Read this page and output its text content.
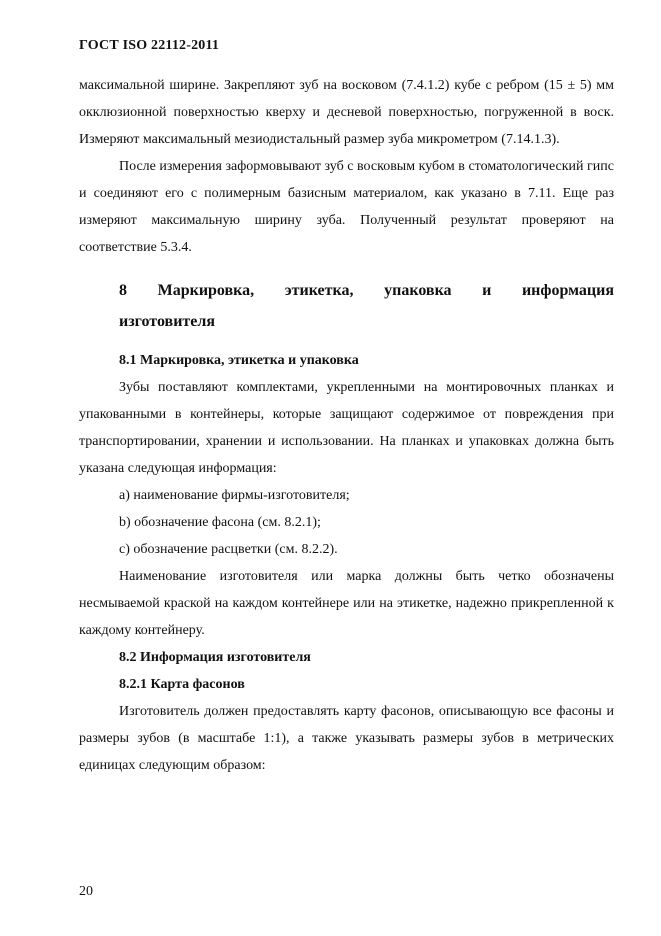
ГОСТ ISO 22112-2011

максимальной ширине. Закрепляют зуб на восковом (7.4.1.2) кубе с ребром (15 ± 5) мм окклюзионной поверхностью кверху и десневой поверхностью, погруженной в воск. Измеряют максимальный мезиодистальный размер зуба микрометром (7.14.1.3).

После измерения заформовывают зуб с восковым кубом в стоматологический гипс и соединяют его с полимерным базисным материалом, как указано в 7.11. Еще раз измеряют максимальную ширину зуба. Полученный результат проверяют на соответствие 5.3.4.

8 Маркировка, этикетка, упаковка и информация
изготовителя
8.1 Маркировка, этикетка и упаковка

Зубы поставляют комплектами, укрепленными на монтировочных планках и упакованными в контейнеры, которые защищают содержимое от повреждения при транспортировании, хранении и использовании. На планках и упаковках должна быть указана следующая информация:

a) наименование фирмы-изготовителя;

b) обозначение фасона (см. 8.2.1);

c) обозначение расцветки (см. 8.2.2).

Наименование изготовителя или марка должны быть четко обозначены несмываемой краской на каждом контейнере или на этикетке, надежно прикрепленной к каждому контейнеру.

8.2 Информация изготовителя
8.2.1 Карта фасонов

Изготовитель должен предоставлять карту фасонов, описывающую все фасоны и размеры зубов (в масштабе 1:1), а также указывать размеры зубов в метрических единицах следующим образом:

20
